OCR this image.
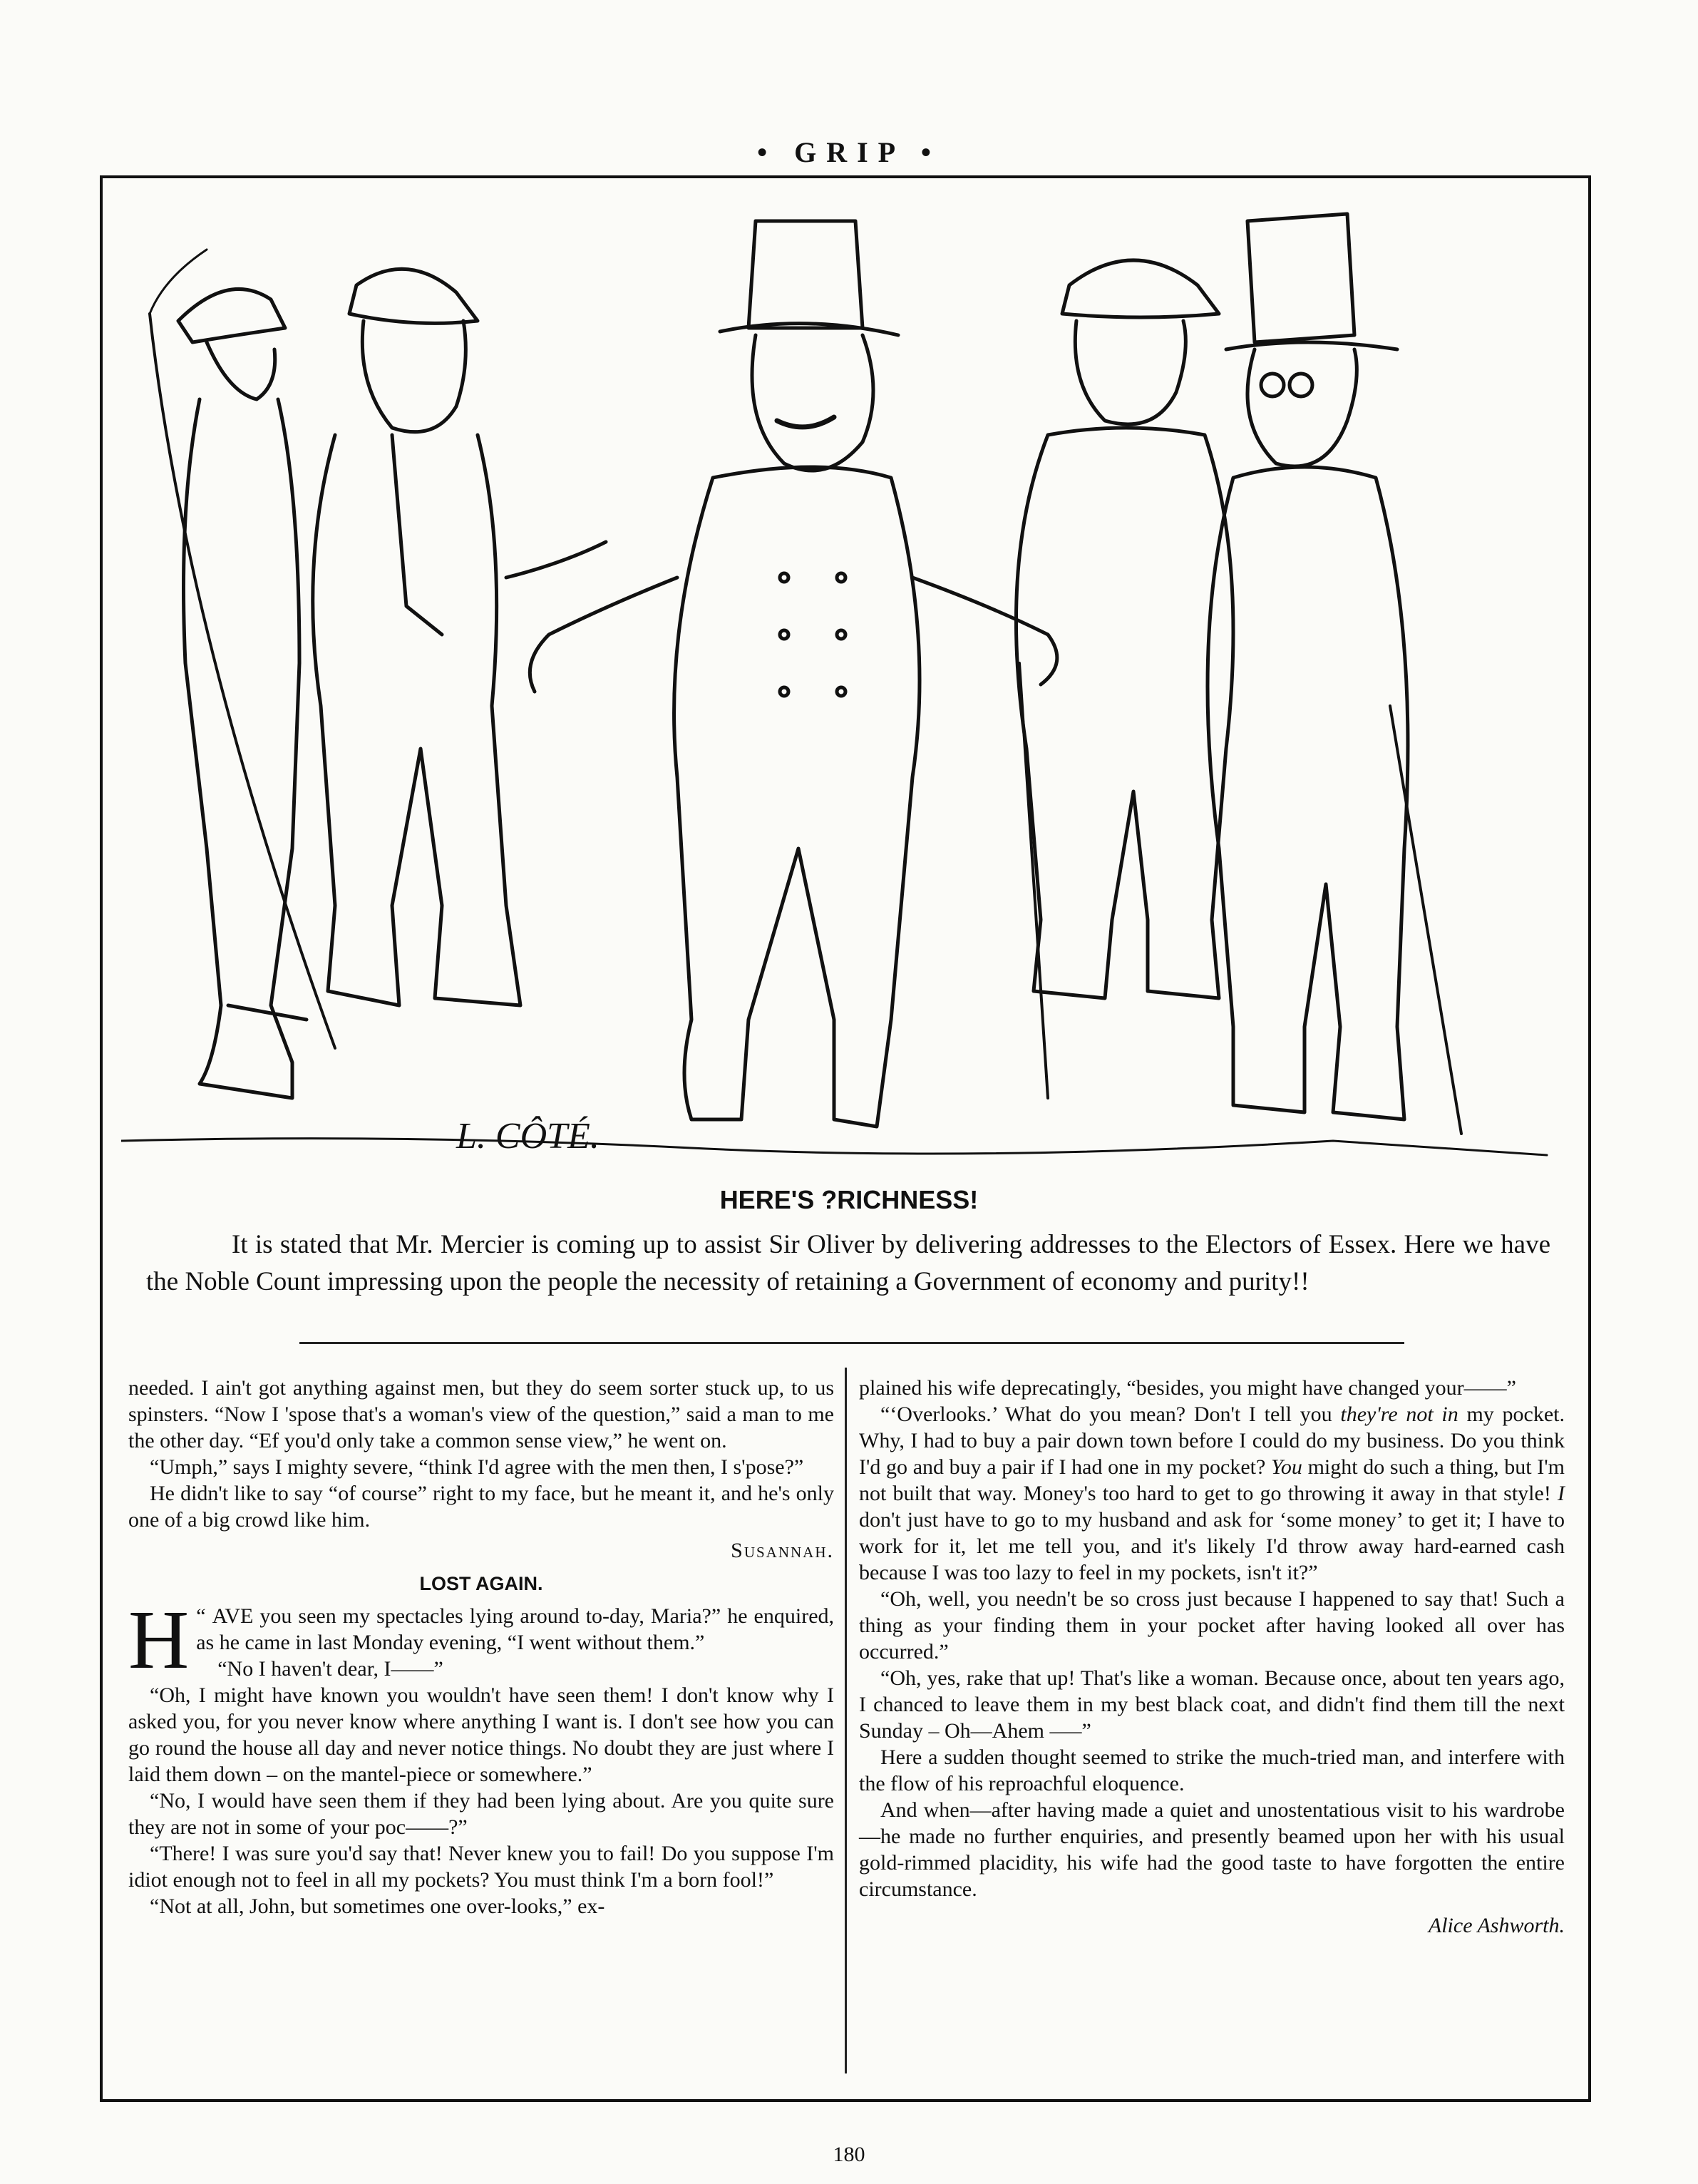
• GRIP •
L. CÔTÉ.
HERE'S ?RICHNESS!
It is stated that Mr. Mercier is coming up to assist Sir Oliver by delivering addresses to the Electors of Essex. Here we have the Noble Count impressing upon the people the necessity of retaining a Government of economy and purity!!

needed. I ain't got anything against men, but they do seem sorter stuck up, to us spinsters. “Now I 'spose that's a woman's view of the question,” said a man to me the other day. “Ef you'd only take a common sense view,” he went on.

“Umph,” says I mighty severe, “think I'd agree with the men then, I s'pose?”

He didn't like to say “of course” right to my face, but he meant it, and he's only one of a big crowd like him.

Susannah.
LOST AGAIN.

“
H AVE you seen my spectacles lying around to-day, Maria?” he enquired, as he came in last Monday evening, “I went without them.”

“No I haven't dear, I——”

“Oh, I might have known you wouldn't have seen them! I don't know why I asked you, for you never know where anything I want is. I don't see how you can go round the house all day and never notice things. No doubt they are just where I laid them down – on the mantel-piece or somewhere.”

“No, I would have seen them if they had been lying about. Are you quite sure they are not in some of your poc——?”

“There! I was sure you'd say that! Never knew you to fail! Do you suppose I'm idiot enough not to feel in all my pockets? You must think I'm a born fool!”

“Not at all, John, but sometimes one over-looks,” ex-

plained his wife deprecatingly, “besides, you might have changed your——”

“‘Overlooks.’ What do you mean? Don't I tell you they're not in my pocket. Why, I had to buy a pair down town before I could do my business. Do you think I'd go and buy a pair if I had one in my pocket? You might do such a thing, but I'm not built that way. Money's too hard to get to go throwing it away in that style! I don't just have to go to my husband and ask for ‘some money’ to get it; I have to work for it, let me tell you, and it's likely I'd throw away hard-earned cash because I was too lazy to feel in my pockets, isn't it?”

“Oh, well, you needn't be so cross just because I happened to say that! Such a thing as your finding them in your pocket after having looked all over has occurred.”

“Oh, yes, rake that up! That's like a woman. Because once, about ten years ago, I chanced to leave them in my best black coat, and didn't find them till the next Sunday – Oh—Ahem –—”

Here a sudden thought seemed to strike the much-tried man, and interfere with the flow of his reproachful eloquence.

And when—after having made a quiet and unostentatious visit to his wardrobe—he made no further enquiries, and presently beamed upon her with his usual gold-rimmed placidity, his wife had the good taste to have forgotten the entire circumstance.

Alice Ashworth.
180
